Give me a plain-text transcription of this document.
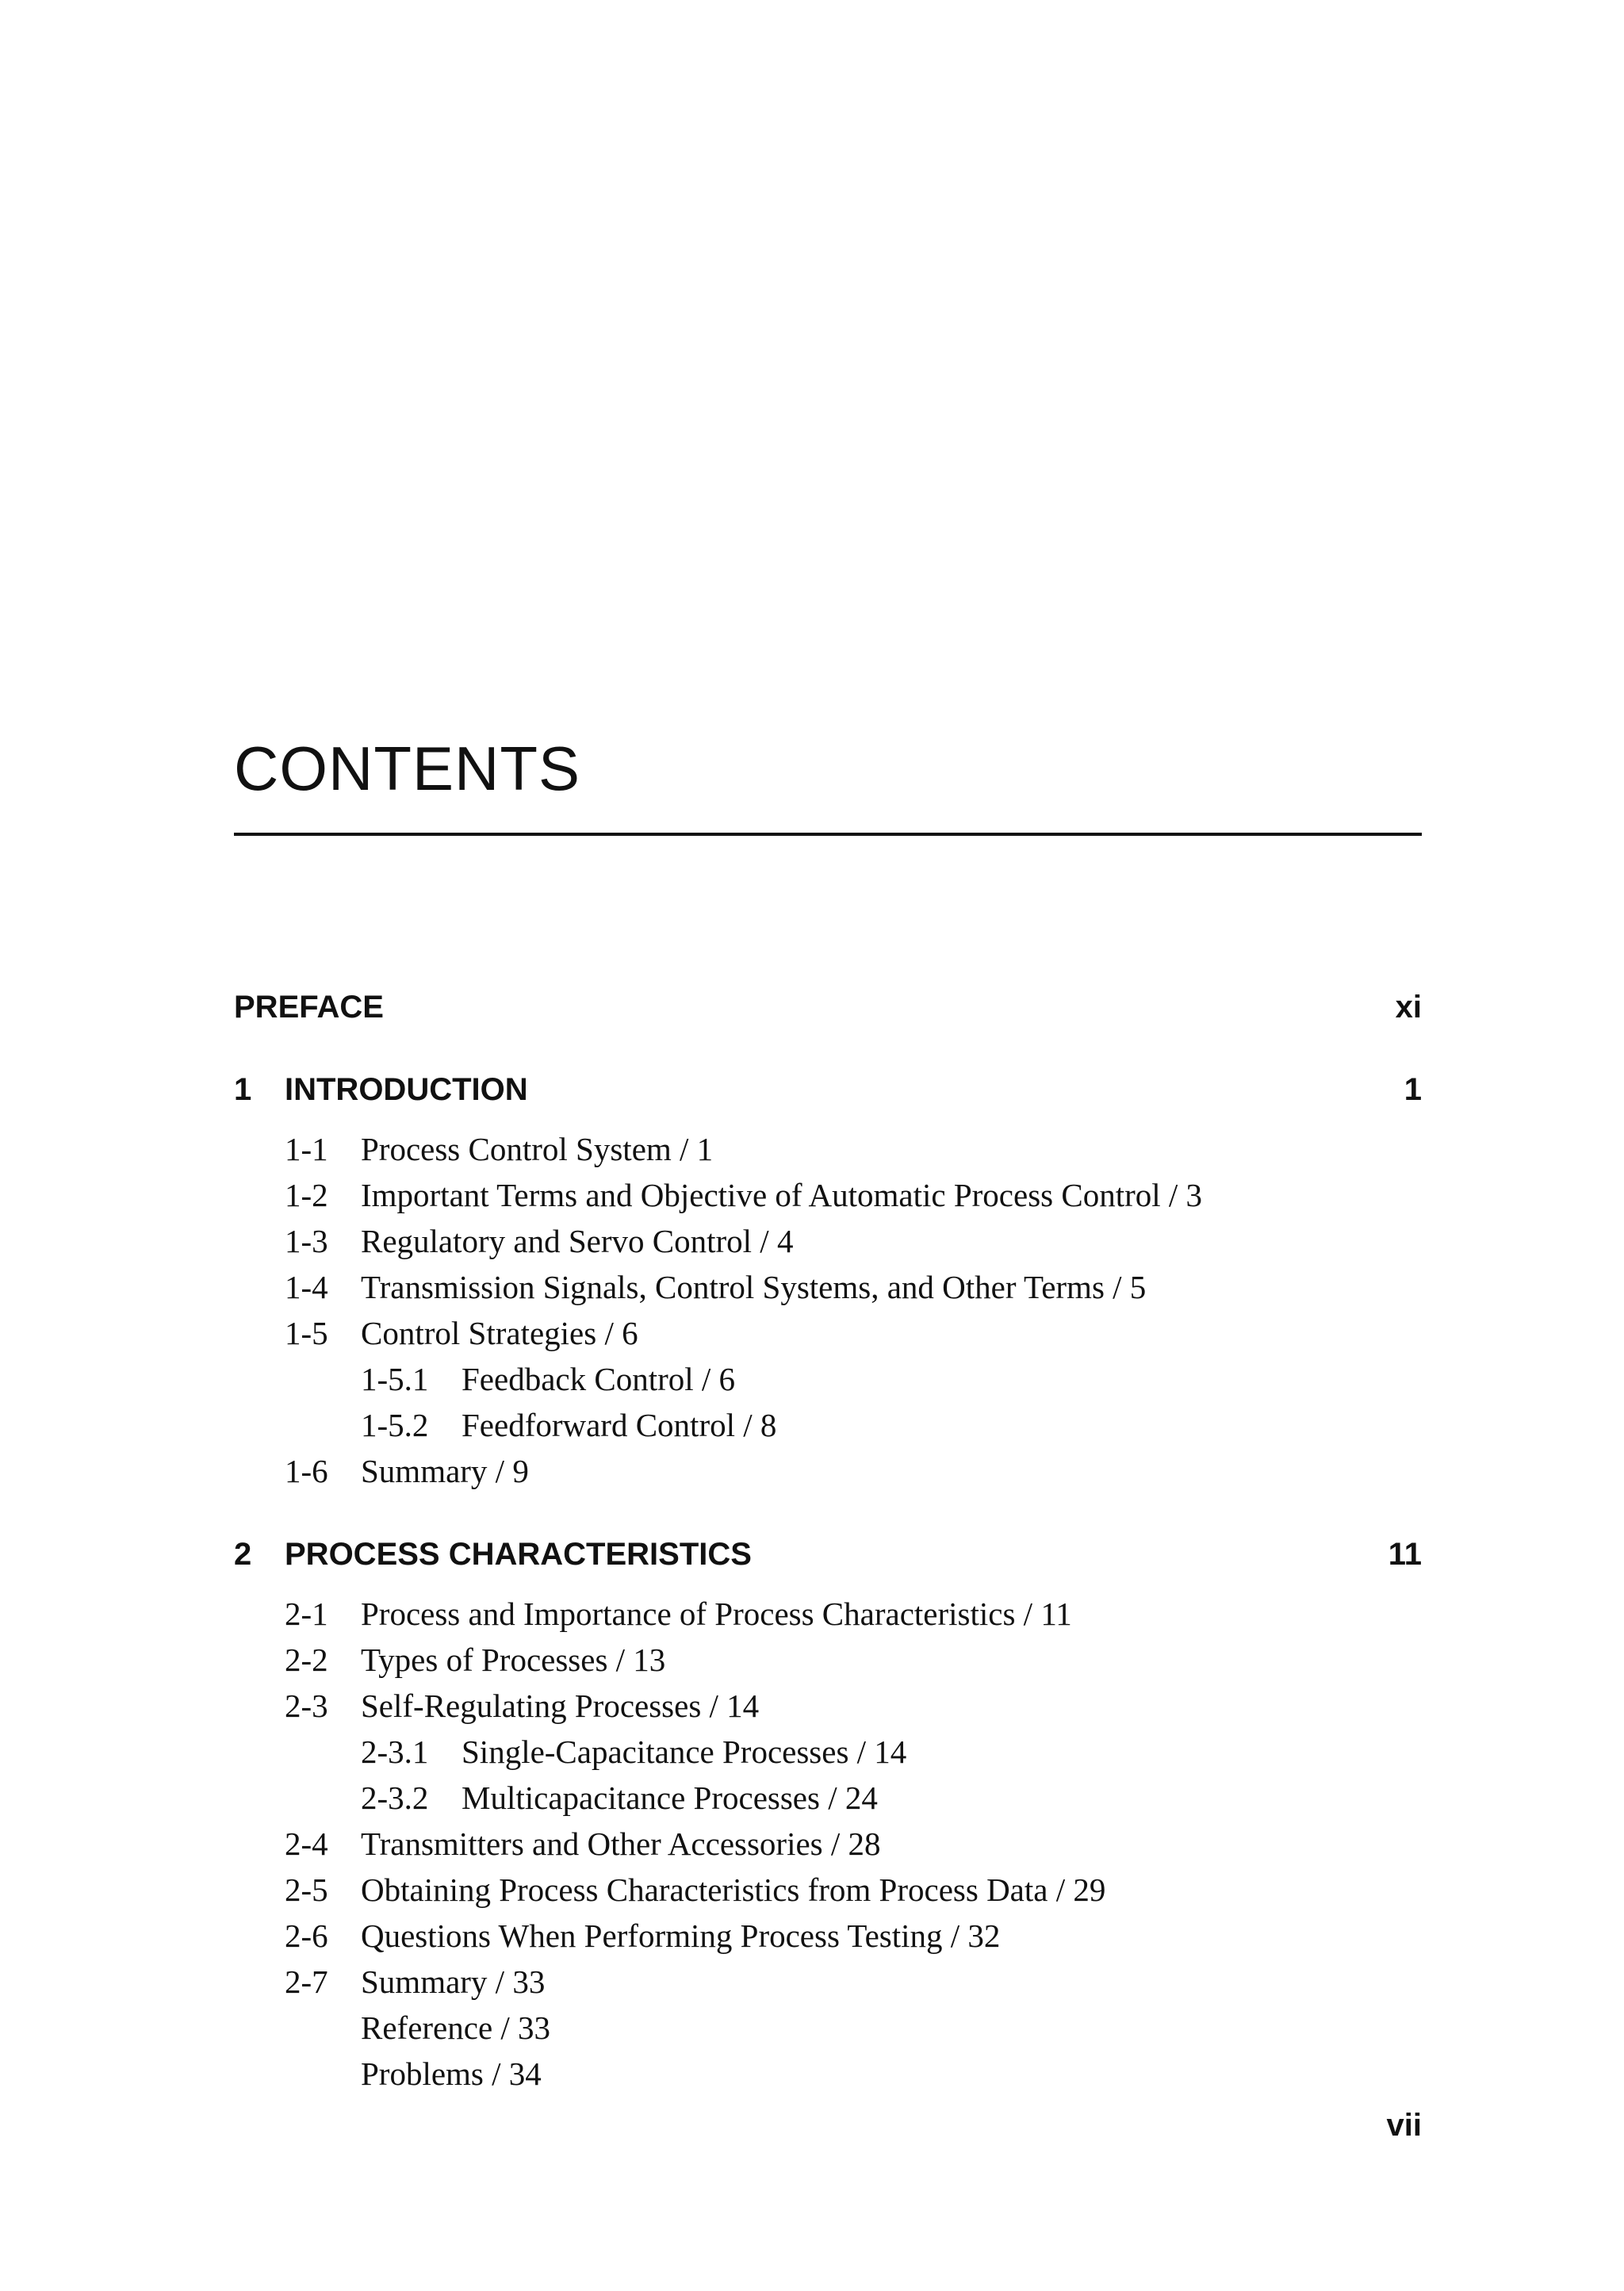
CONTENTS
PREFACE	xi
1 INTRODUCTION	1
1-1 Process Control System / 1
1-2 Important Terms and Objective of Automatic Process Control / 3
1-3 Regulatory and Servo Control / 4
1-4 Transmission Signals, Control Systems, and Other Terms / 5
1-5 Control Strategies / 6
1-5.1 Feedback Control / 6
1-5.2 Feedforward Control / 8
1-6 Summary / 9
2 PROCESS CHARACTERISTICS	11
2-1 Process and Importance of Process Characteristics / 11
2-2 Types of Processes / 13
2-3 Self-Regulating Processes / 14
2-3.1 Single-Capacitance Processes / 14
2-3.2 Multicapacitance Processes / 24
2-4 Transmitters and Other Accessories / 28
2-5 Obtaining Process Characteristics from Process Data / 29
2-6 Questions When Performing Process Testing / 32
2-7 Summary / 33
Reference / 33
Problems / 34
vii
